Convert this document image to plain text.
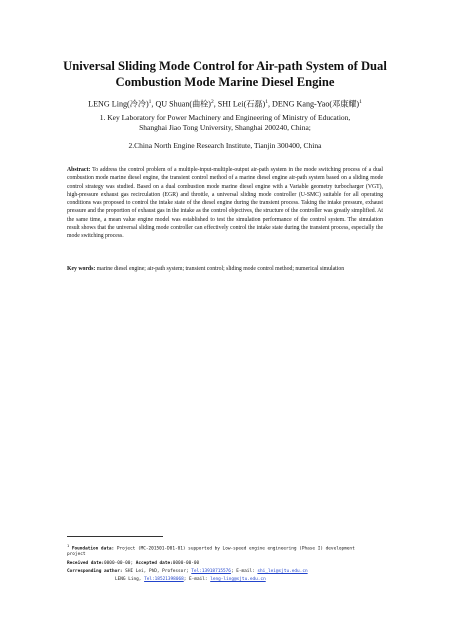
Universal Sliding Mode Control for Air-path System of Dual
Combustion Mode Marine Diesel Engine
LENG Ling(冷冷)$^1$, QU Shuan(曲栓)$^2$, SHI Lei(石磊)$^1$, DENG Kang-Yao(邓康耀)$^1$
1. Key Laboratory for Power Machinery and Engineering of Ministry of Education,
Shanghai Jiao Tong University, Shanghai 200240, China;
2.China North Engine Research Institute, Tianjin 300400, China
Abstract: To address the control problem of a multiple-input-multiple-output air-path system in the mode switching process of a dual combustion mode marine diesel engine, the transient control method of a marine diesel engine air-path system based on a sliding mode control strategy was studied. Based on a dual combustion mode marine diesel engine with a Variable geometry turbocharger (VGT), high-pressure exhaust gas recirculation (EGR) and throttle, a universal sliding mode controller (U-SMC) suitable for all operating conditions was proposed to control the intake state of the diesel engine during the transient process. Taking the intake pressure, exhaust pressure and the proportion of exhaust gas in the intake as the control objectives, the structure of the controller was greatly simplified. At the same time, a mean value engine model was established to test the simulation performance of the control system. The simulation result shows that the universal sliding mode controller can effectively control the intake state during the transient process, especially the mode switching process.
Key words: marine diesel engine; air-path system; transient control; sliding mode control method; numerical simulation
$^1$ Foundation data: Project (MC-201501-D01-01) supported by Low-speed engine engineering (Phase I) development
project
Received date:0000-00-00; Accepted date:0000-00-00
Corresponding author: SHI Lei, PhD, Professor; Tel:13918715576; E-mail: shi_lei@sjtu.edu.cn
LENG Ling, Tel:18521398068; E-mail: leng-ling@sjtu.edu.cn
